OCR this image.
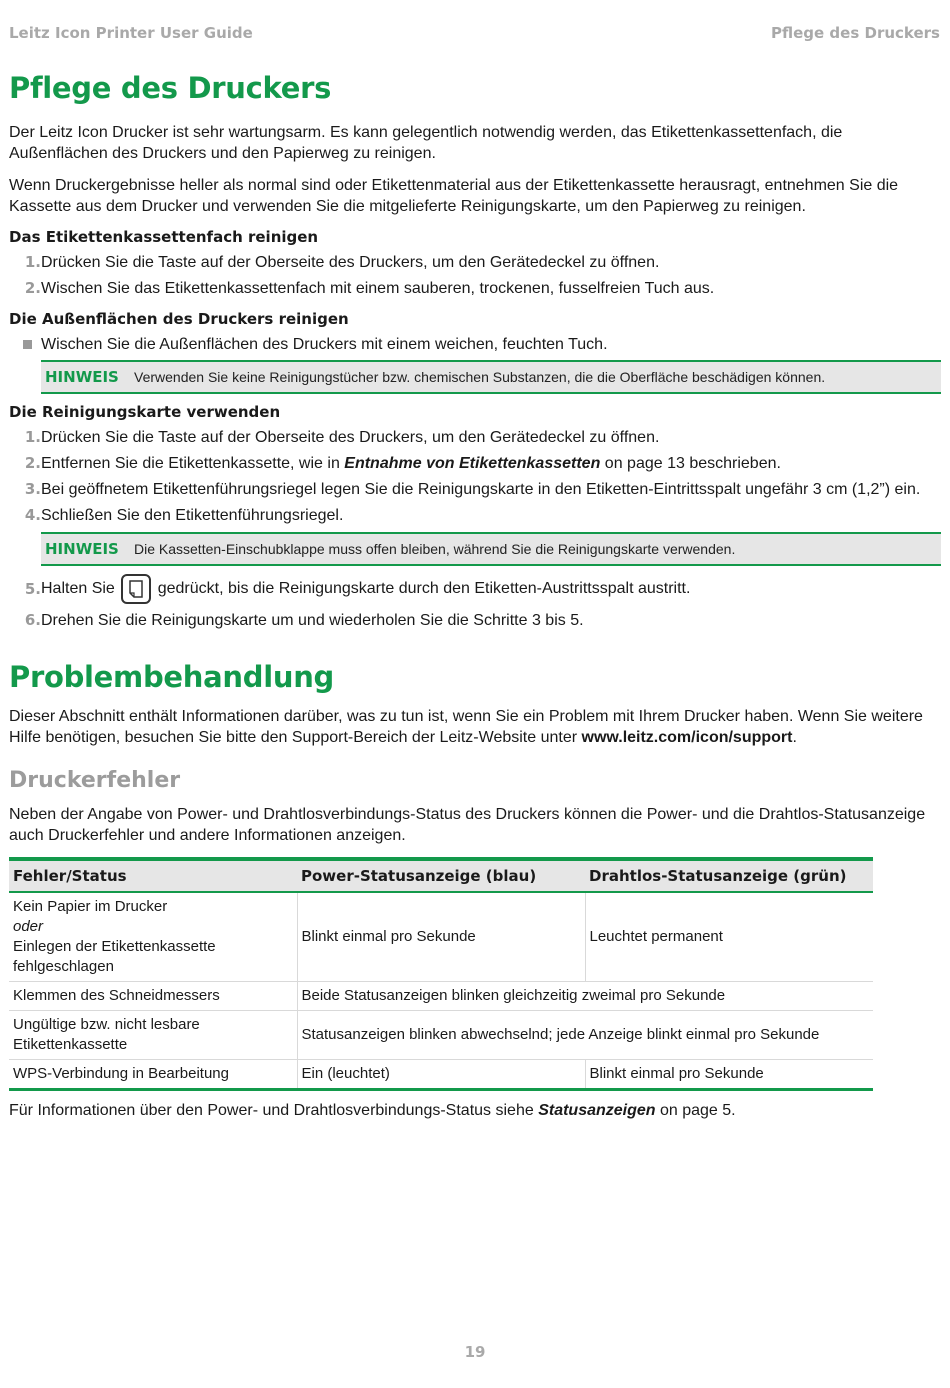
Leitz Icon Printer User Guide	Pflege des Druckers
Pflege des Druckers

Der Leitz Icon Drucker ist sehr wartungsarm. Es kann gelegentlich notwendig werden, das Etikettenkassettenfach, die Außenflächen des Druckers und den Papierweg zu reinigen.

Wenn Druckergebnisse heller als normal sind oder Etikettenmaterial aus der Etikettenkassette herausragt, entnehmen Sie die Kassette aus dem Drucker und verwenden Sie die mitgelieferte Reinigungskarte, um den Papierweg zu reinigen.

Das Etikettenkassettenfach reinigen
1. Drücken Sie die Taste auf der Oberseite des Druckers, um den Gerätedeckel zu öffnen.
2. Wischen Sie das Etikettenkassettenfach mit einem sauberen, trockenen, fusselfreien Tuch aus.
Die Außenflächen des Druckers reinigen
Wischen Sie die Außenflächen des Druckers mit einem weichen, feuchten Tuch.
HINWEIS	Verwenden Sie keine Reinigungstücher bzw. chemischen Substanzen, die die Oberfläche beschädigen können.
Die Reinigungskarte verwenden
1. Drücken Sie die Taste auf der Oberseite des Druckers, um den Gerätedeckel zu öffnen.
2. Entfernen Sie die Etikettenkassette, wie in Entnahme von Etikettenkassetten on page 13 beschrieben.
3. Bei geöffnetem Etikettenführungsriegel legen Sie die Reinigungskarte in den Etiketten-Eintrittsspalt ungefähr 3 cm (1,2”) ein.
4. Schließen Sie den Etikettenführungsriegel.
HINWEIS	Die Kassetten-Einschubklappe muss offen bleiben, während Sie die Reinigungskarte verwenden.
5. Halten Sie	gedrückt, bis die Reinigungskarte durch den Etiketten-Austrittsspalt austritt.
6. Drehen Sie die Reinigungskarte um und wiederholen Sie die Schritte 3 bis 5.
Problembehandlung

Dieser Abschnitt enthält Informationen darüber, was zu tun ist, wenn Sie ein Problem mit Ihrem Drucker haben. Wenn Sie weitere Hilfe benötigen, besuchen Sie bitte den Support-Bereich der Leitz-Website unter www.leitz.com/icon/support.

Druckerfehler

Neben der Angabe von Power- und Drahtlosverbindungs-Status des Druckers können die Power- und die Drahtlos-Statusanzeige auch Druckerfehler und andere Informationen anzeigen.

Fehler/Status	Power-Statusanzeige (blau)	Drahtlos-Statusanzeige (grün)

Kein Papier im Drucker
oder
Einlegen der Etikettenkassette fehlgeschlagen	Blinkt einmal pro Sekunde	Leuchtet permanent
Klemmen des Schneidmessers	Beide Statusanzeigen blinken gleichzeitig zweimal pro Sekunde	
Ungültige bzw. nicht lesbare Etikettenkassette	Statusanzeigen blinken abwechselnd; jede Anzeige blinkt einmal pro Sekunde	
WPS-Verbindung in Bearbeitung	Ein (leuchtet)	Blinkt einmal pro Sekunde

Für Informationen über den Power- und Drahtlosverbindungs-Status siehe Statusanzeigen on page 5.

19
